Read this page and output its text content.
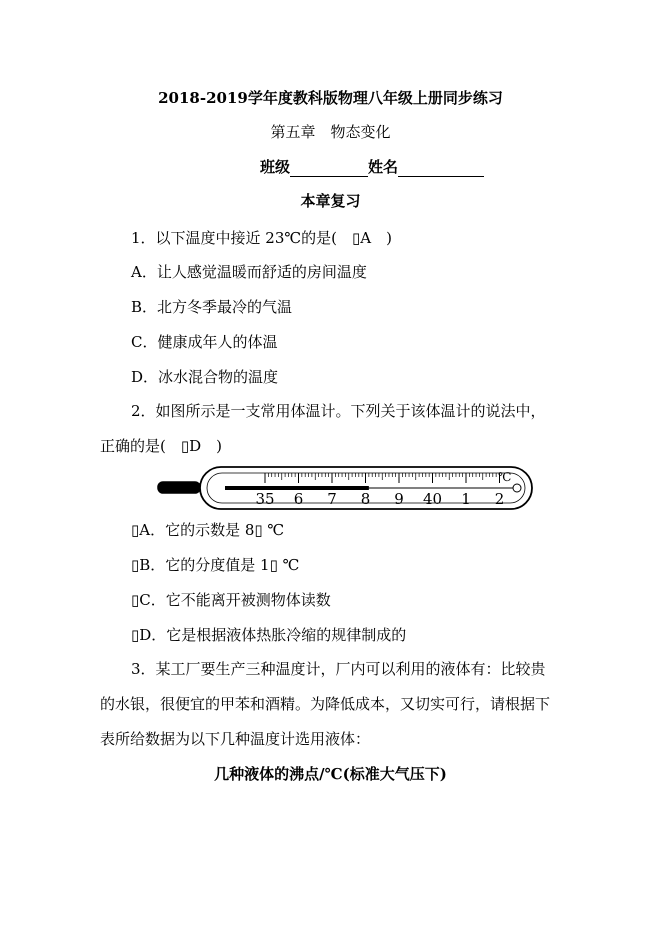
2018-2019学年度教科版物理八年级上册同步练习
第五章　物态变化
班级	姓名
本章复习
1．以下温度中接近 23℃的是(　▯A　)
A．让人感觉温暖而舒适的房间温度
B．北方冬季最冷的气温
C．健康成年人的体温
D．冰水混合物的温度
2．如图所示是一支常用体温计。下列关于该体温计的说法中，
正确的是(　▯D　)
℃
35 6 7 8 9 40 1 2
▯A．它的示数是 8▯ ℃
▯B．它的分度值是 1▯ ℃
▯C．它不能离开被测物体读数
▯D．它是根据液体热胀冷缩的规律制成的
3．某工厂要生产三种温度计，厂内可以利用的液体有：比较贵
的水银，很便宜的甲苯和酒精。为降低成本，又切实可行，请根据下
表所给数据为以下几种温度计选用液体：
几种液体的沸点/℃(标准大气压下)
